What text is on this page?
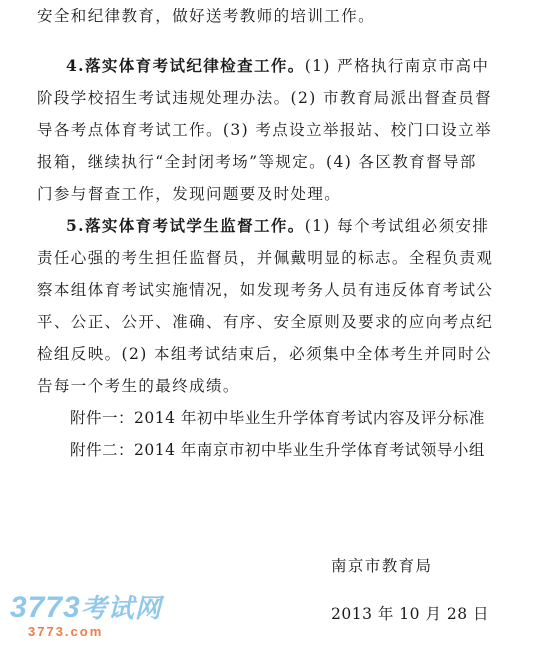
安全和纪律教育，做好送考教师的培训工作。
4.落实体育考试纪律检查工作。(1) 严格执行南京市高中
阶段学校招生考试违规处理办法。(2) 市教育局派出督查员督
导各考点体育考试工作。(3) 考点设立举报站、校门口设立举
报箱，继续执行“全封闭考场”等规定。(4) 各区教育督导部
门参与督查工作，发现问题要及时处理。
5.落实体育考试学生监督工作。(1) 每个考试组必须安排
责任心强的考生担任监督员，并佩戴明显的标志。全程负责观
察本组体育考试实施情况，如发现考务人员有违反体育考试公
平、公正、公开、准确、有序、安全原则及要求的应向考点纪
检组反映。(2) 本组考试结束后，必须集中全体考生并同时公
告每一个考生的最终成绩。
附件一：2014 年初中毕业生升学体育考试内容及评分标准
附件二：2014 年南京市初中毕业生升学体育考试领导小组
南京市教育局
2013 年 10 月 28 日
3773考试网
3773.com
